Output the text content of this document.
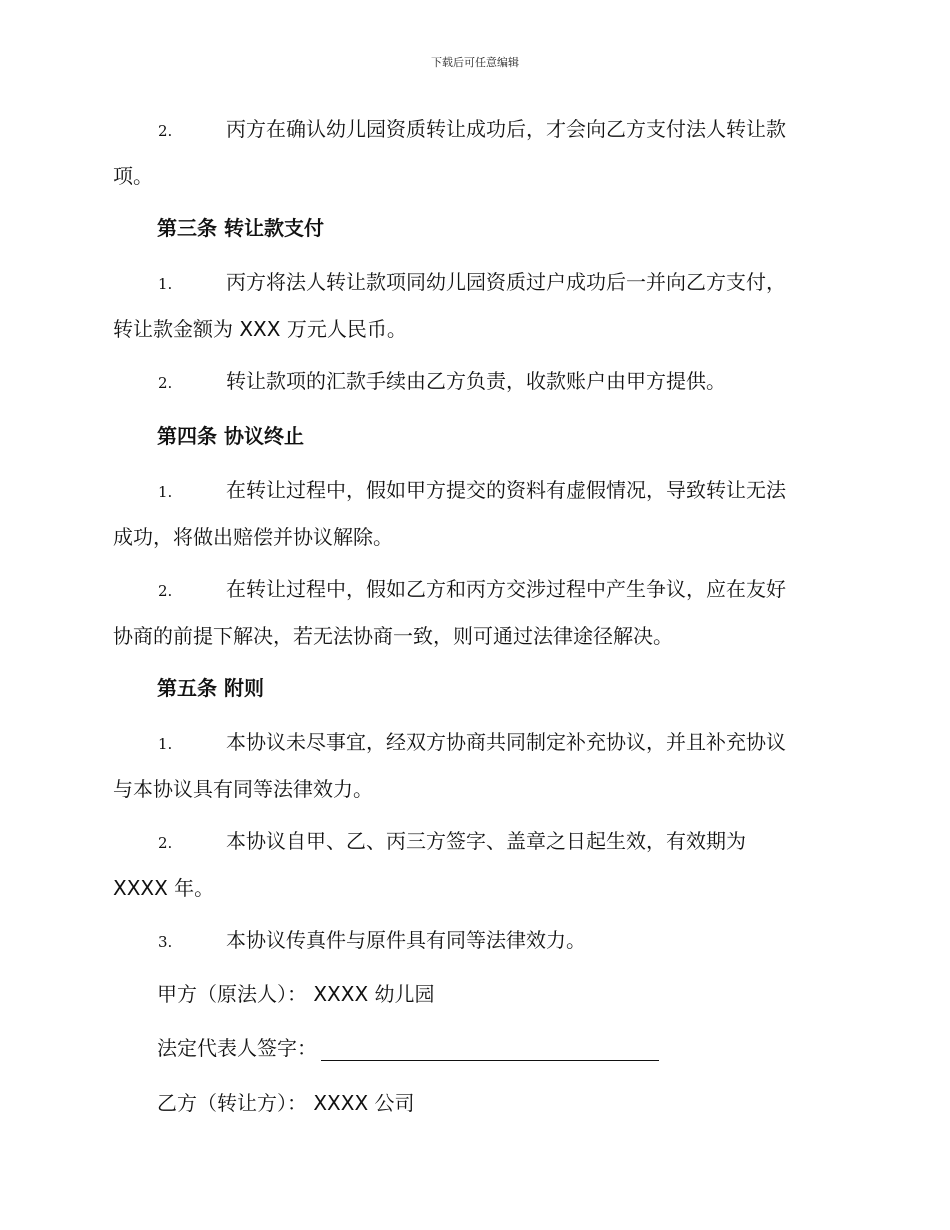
下载后可任意编辑
2.	丙方在确认幼儿园资质转让成功后，才会向乙方支付法人转让款
项。
第三条 转让款支付
1.	丙方将法人转让款项同幼儿园资质过户成功后一并向乙方支付，
转让款金额为 XXX 万元人民币。
2.	转让款项的汇款手续由乙方负责，收款账户由甲方提供。
第四条 协议终止
1.	在转让过程中，假如甲方提交的资料有虚假情况，导致转让无法
成功，将做出赔偿并协议解除。
2.	在转让过程中，假如乙方和丙方交涉过程中产生争议，应在友好
协商的前提下解决，若无法协商一致，则可通过法律途径解决。
第五条 附则
1.	本协议未尽事宜，经双方协商共同制定补充协议，并且补充协议
与本协议具有同等法律效力。
2.	本协议自甲、乙、丙三方签字、盖章之日起生效，有效期为
XXXX 年。
3.	本协议传真件与原件具有同等法律效力。
甲方（原法人）： XXXX 幼儿园
法定代表人签字：
乙方（转让方）： XXXX 公司
